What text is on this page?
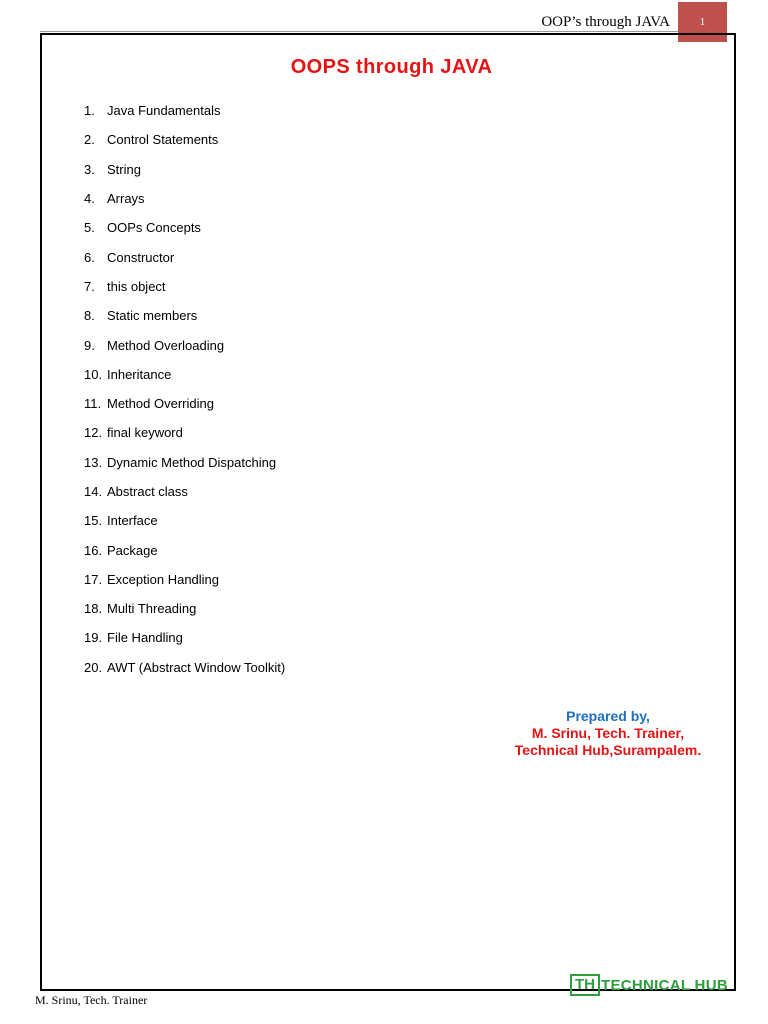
OOP’s through JAVA	1
OOPS through JAVA
1. Java Fundamentals
2. Control Statements
3. String
4. Arrays
5. OOPs Concepts
6. Constructor
7. this object
8. Static members
9. Method Overloading
10. Inheritance
11. Method Overriding
12. final keyword
13. Dynamic Method Dispatching
14. Abstract class
15. Interface
16. Package
17. Exception Handling
18. Multi Threading
19. File Handling
20. AWT (Abstract Window Toolkit)
Prepared by,
M. Srinu, Tech. Trainer,
Technical Hub,Surampalem.
TH TECHNICAL HUB
M. Srinu, Tech. Trainer
